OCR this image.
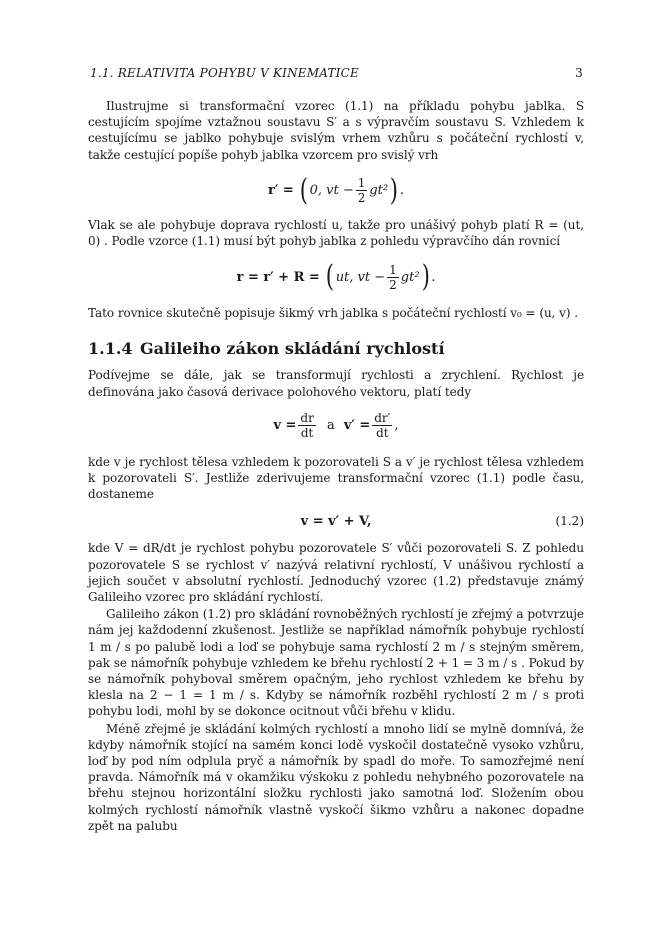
1.1. RELATIVITA POHYBU V KINEMATICE	3

Ilustrujme si transformační vzorec (1.1) na příkladu pohybu jablka. S cestujícím spojíme vztažnou soustavu S′ a s výpravčím soustavu S. Vzhledem k cestujícímu se jablko pohybuje svislým vrhem vzhůru s počáteční rychlostí v, takže cestující popíše pohyb jablka vzorcem pro svislý vrh

r′ =
( 0, vt − $\frac{1}{2} gt^2$ ) .

Vlak se ale pohybuje doprava rychlostí u, takže pro unášivý pohyb platí R = (ut, 0) . Podle vzorce (1.1) musí být pohyb jablka z pohledu výpravčího dán rovnicí

r = r′ + R =
( ut, vt − $\frac{1}{2} gt^2$ ) .

Tato rovnice skutečně popisuje šikmý vrh jablka s počáteční rychlostí v₀ = (u, v) .

1.1.4 Galileiho zákon skládání rychlostí

Podívejme se dále, jak se transformují rychlosti a zrychlení. Rychlost je definována jako časová derivace polohového vektoru, platí tedy

$v = \frac{dr}{dt}$ a $v' = \frac{dr'}{dt}$ ,

kde v je rychlost tělesa vzhledem k pozorovateli S a v′ je rychlost tělesa vzhledem k pozorovateli S′. Jestliže zderivujeme transformační vzorec (1.1) podle času, dostaneme

v = v′ + V,	(1.2)

kde V = dR/dt je rychlost pohybu pozorovatele S′ vůči pozorovateli S. Z pohledu pozorovatele S se rychlost v′ nazývá relativní rychlostí, V unášivou rychlostí a jejich součet v absolutní rychlostí. Jednoduchý vzorec (1.2) představuje známý Galileiho vzorec pro skládání rychlostí.

Galileiho zákon (1.2) pro skládání rovnoběžných rychlostí je zřejmý a potvrzuje nám jej každodenní zkušenost. Jestliže se například námořník pohybuje rychlostí 1 m / s po palubě lodi a loď se pohybuje sama rychlostí 2 m / s stejným směrem, pak se námořník pohybuje vzhledem ke břehu rychlostí 2 + 1 = 3 m / s . Pokud by se námořník pohyboval směrem opačným, jeho rychlost vzhledem ke břehu by klesla na 2 − 1 = 1 m / s. Kdyby se námořník rozběhl rychlostí 2 m / s proti pohybu lodi, mohl by se dokonce ocitnout vůči břehu v klidu.

Méně zřejmé je skládání kolmých rychlostí a mnoho lidí se mylně domnívá, že kdyby námořník stojící na samém konci lodě vyskočil dostatečně vysoko vzhůru, loď by pod ním odplula pryč a námořník by spadl do moře. To samozřejmé není pravda. Námořník má v okamžiku výskoku z pohledu nehybného pozorovatele na břehu stejnou horizontální složku rychlosti jako samotná loď. Složením obou kolmých rychlostí námořník vlastně vyskočí šikmo vzhůru a nakonec dopadne zpět na palubu
